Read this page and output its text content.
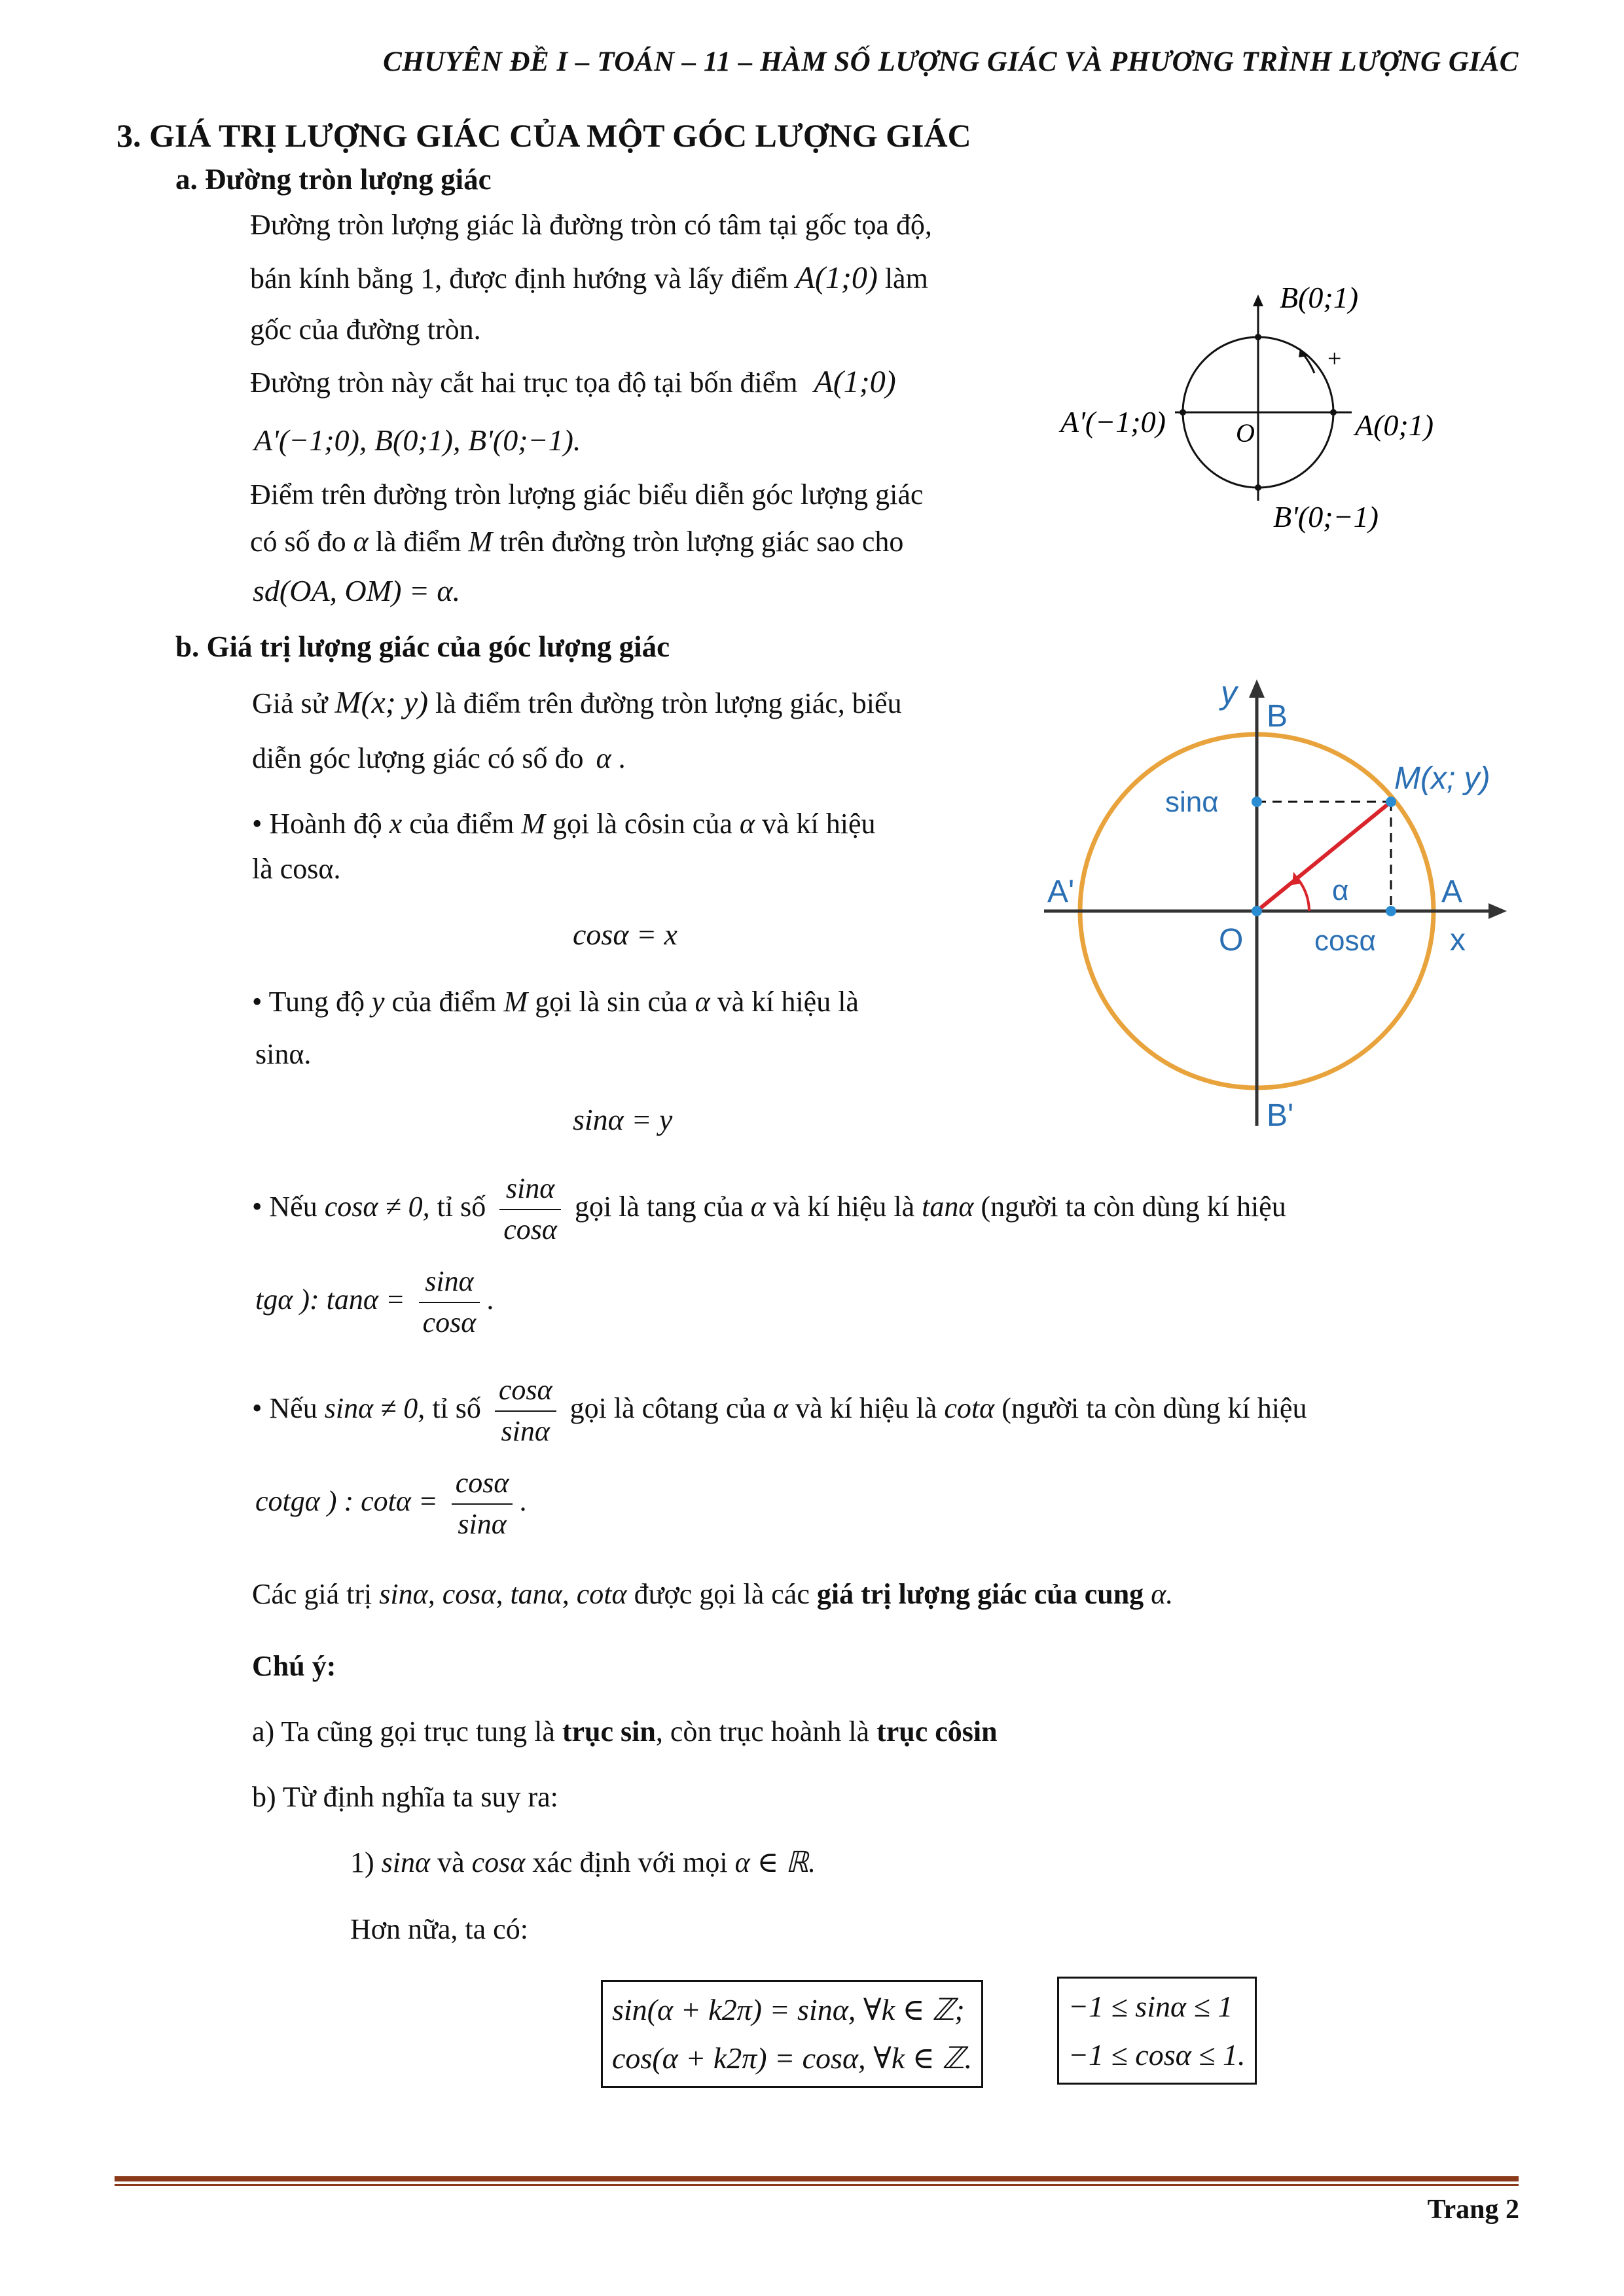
CHUYÊN ĐỀ I – TOÁN – 11 – HÀM SỐ LƯỢNG GIÁC VÀ PHƯƠNG TRÌNH LƯỢNG GIÁC
3. GIÁ TRỊ LƯỢNG GIÁC CỦA MỘT GÓC LƯỢNG GIÁC
a. Đường tròn lượng giác
Đường tròn lượng giác là đường tròn có tâm tại gốc tọa độ,
bán kính bằng 1, được định hướng và lấy điểm A(1;0) làm
gốc của đường tròn.
Đường tròn này cắt hai trục tọa độ tại bốn điểm A(1;0)
A'(−1;0), B(0;1), B'(0;−1).
Điểm trên đường tròn lượng giác biểu diễn góc lượng giác
có số đo α là điểm M trên đường tròn lượng giác sao cho
sd(OA, OM) = α.
B(0;1)
+
A'(−1;0)	O	A(0;1)
B'(0;−1)
b. Giá trị lượng giác của góc lượng giác
Giả sử M(x; y) là điểm trên đường tròn lượng giác, biểu
diễn góc lượng giác có số đo α .
• Hoành độ x của điểm M gọi là côsin của α và kí hiệu
là cosα.
cosα = x
• Tung độ y của điểm M gọi là sin của α và kí hiệu là
sinα.
sinα = y
y
B
M(x; y)
sinα
A'	α	A
O cosα x
B'
• Nếu cosα ≠ 0, tỉ số $\frac{\sin\alpha}{\cos\alpha}$ gọi là tang của α và kí hiệu là tanα (người ta còn dùng kí hiệu
tgα ): $\tan\alpha = \frac{\sin\alpha}{\cos\alpha}$ .
• Nếu sinα ≠ 0, tỉ số $\frac{\cos\alpha}{\sin\alpha}$ gọi là côtang của α và kí hiệu là cotα (người ta còn dùng kí hiệu
cotgα ) : $\cot\alpha = \frac{\cos\alpha}{\sin\alpha}$ .
Các giá trị sinα, cosα, tanα, cotα được gọi là các giá trị lượng giác của cung α.
Chú ý:
a) Ta cũng gọi trục tung là trục sin, còn trục hoành là trục côsin
b) Từ định nghĩa ta suy ra:
1) sinα và cosα xác định với mọi α ∈ ℝ.
Hơn nữa, ta có:
sin(α + k2π) = sinα, ∀k ∈ ℤ;
cos(α + k2π) = cosα, ∀k ∈ ℤ.
−1 ≤ sinα ≤ 1
−1 ≤ cosα ≤ 1.
Trang 2
